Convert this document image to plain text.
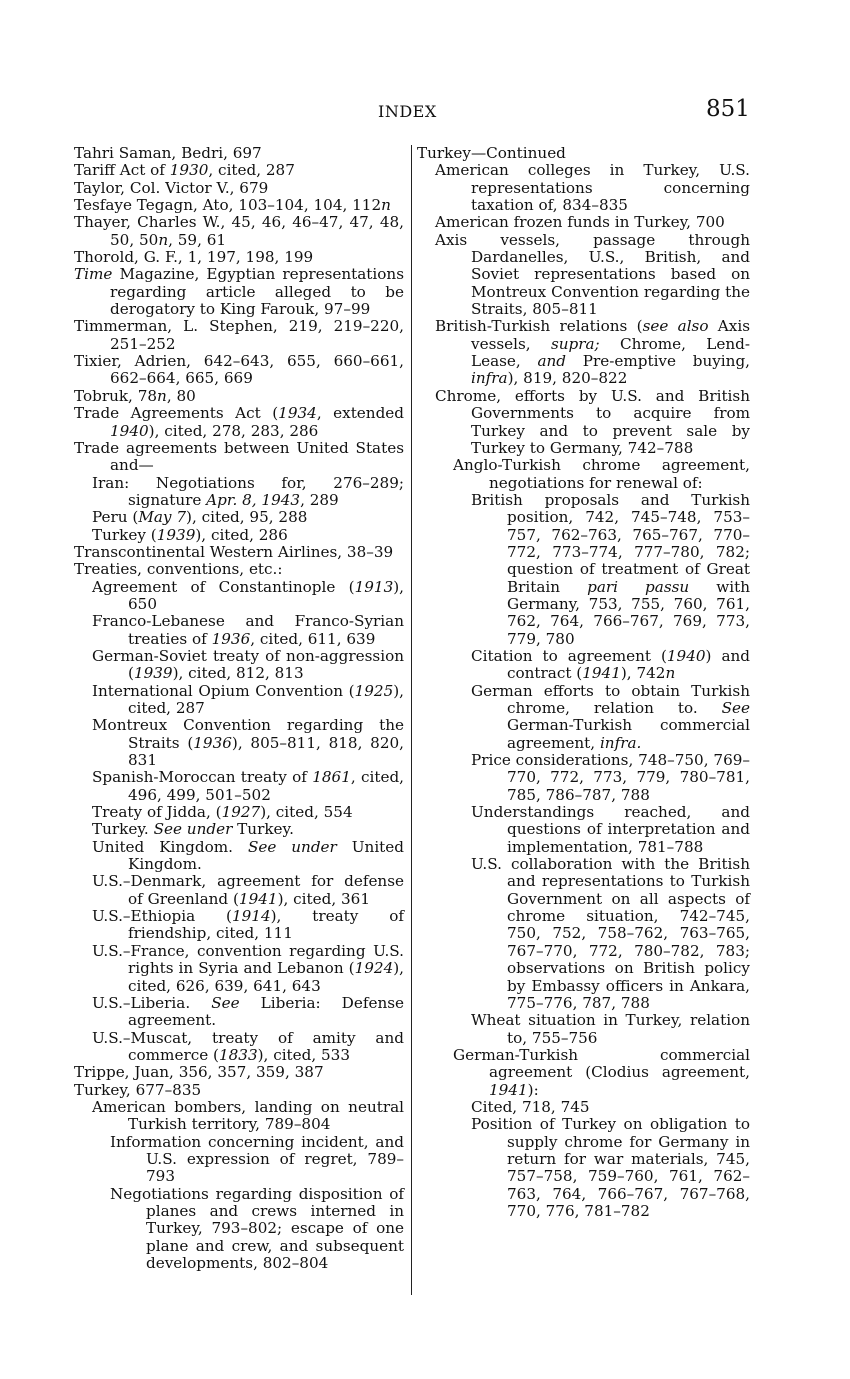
INDEX	851
Tahri Saman, Bedri, 697
Tariff Act of 1930, cited, 287
Taylor, Col. Victor V., 679
Tesfaye Tegagn, Ato, 103–104, 104, 112n
Thayer, Charles W., 45, 46, 46–47, 47, 48, 50, 50n, 59, 61
Thorold, G. F., 1, 197, 198, 199
Time Magazine, Egyptian representations regarding article alleged to be derogatory to King Farouk, 97–99
Timmerman, L. Stephen, 219, 219–220, 251–252
Tixier, Adrien, 642–643, 655, 660–661, 662–664, 665, 669
Tobruk, 78n, 80
Trade Agreements Act (1934, extended 1940), cited, 278, 283, 286
Trade agreements between United States and—
Iran: Negotiations for, 276–289; signature Apr. 8, 1943, 289
Peru (May 7), cited, 95, 288
Turkey (1939), cited, 286
Transcontinental Western Airlines, 38–39
Treaties, conventions, etc.:
Agreement of Constantinople (1913), 650
Franco-Lebanese and Franco-Syrian treaties of 1936, cited, 611, 639
German-Soviet treaty of non-aggression (1939), cited, 812, 813
International Opium Convention (1925), cited, 287
Montreux Convention regarding the Straits (1936), 805–811, 818, 820, 831
Spanish-Moroccan treaty of 1861, cited, 496, 499, 501–502
Treaty of Jidda, (1927), cited, 554
Turkey. See under Turkey.
United Kingdom. See under United Kingdom.
U.S.–Denmark, agreement for defense of Greenland (1941), cited, 361
U.S.–Ethiopia (1914), treaty of friendship, cited, 111
U.S.–France, convention regarding U.S. rights in Syria and Lebanon (1924), cited, 626, 639, 641, 643
U.S.–Liberia. See Liberia: Defense agreement.
U.S.–Muscat, treaty of amity and commerce (1833), cited, 533
Trippe, Juan, 356, 357, 359, 387
Turkey, 677–835
American bombers, landing on neutral Turkish territory, 789–804
Information concerning incident, and U.S. expression of regret, 789–793
Negotiations regarding disposition of planes and crews interned in Turkey, 793–802; escape of one plane and crew, and subsequent developments, 802–804
Turkey—Continued
American colleges in Turkey, U.S. representations concerning taxation of, 834–835
American frozen funds in Turkey, 700
Axis vessels, passage through Dardanelles, U.S., British, and Soviet representations based on Montreux Convention regarding the Straits, 805–811
British-Turkish relations (see also Axis vessels, supra; Chrome, Lend-Lease, and Pre-emptive buying, infra), 819, 820–822
Chrome, efforts by U.S. and British Governments to acquire from Turkey and to prevent sale by Turkey to Germany, 742–788
Anglo-Turkish chrome agreement, negotiations for renewal of:
British proposals and Turkish position, 742, 745–748, 753–757, 762–763, 765–767, 770–772, 773–774, 777–780, 782; question of treatment of Great Britain pari passu with Germany, 753, 755, 760, 761, 762, 764, 766–767, 769, 773, 779, 780
Citation to agreement (1940) and contract (1941), 742n
German efforts to obtain Turkish chrome, relation to. See German-Turkish commercial agreement, infra.
Price considerations, 748–750, 769–770, 772, 773, 779, 780–781, 785, 786–787, 788
Understandings reached, and questions of interpretation and implementation, 781–788
U.S. collaboration with the British and representations to Turkish Government on all aspects of chrome situation, 742–745, 750, 752, 758–762, 763–765, 767–770, 772, 780–782, 783; observations on British policy by Embassy officers in Ankara, 775–776, 787, 788
Wheat situation in Turkey, relation to, 755–756
German-Turkish commercial agreement (Clodius agreement, 1941):
Cited, 718, 745
Position of Turkey on obligation to supply chrome for Germany in return for war materials, 745, 757–758, 759–760, 761, 762–763, 764, 766–767, 767–768, 770, 776, 781–782
